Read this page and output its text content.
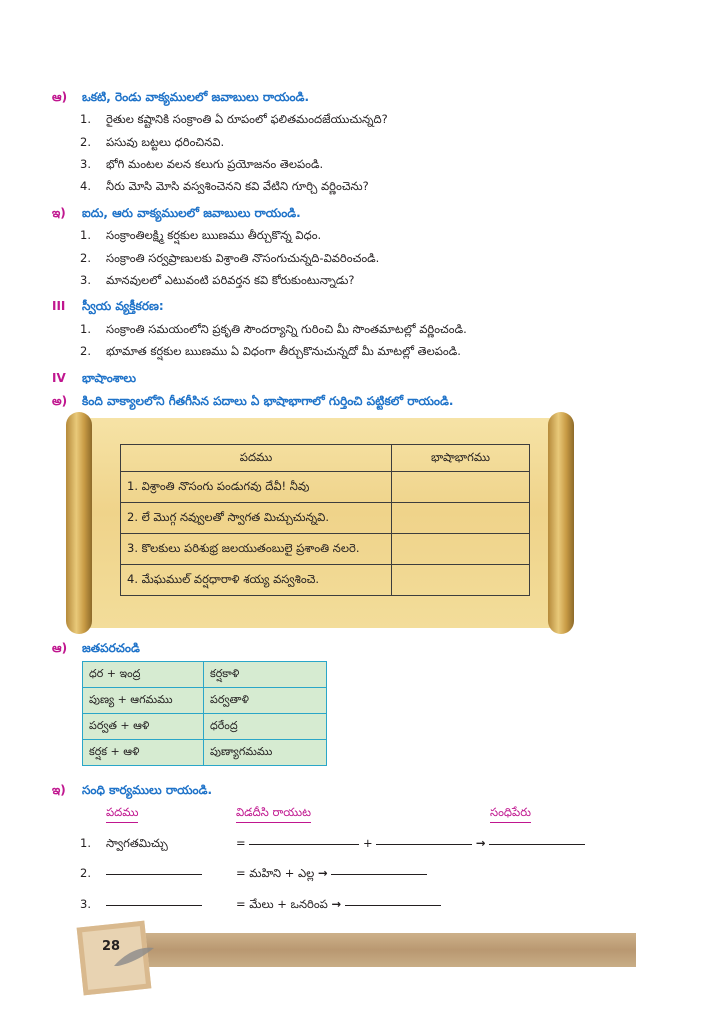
ఆ) ఒకటి, రెండు వాక్యములలో జవాబులు రాయండి.
1. రైతుల కష్టానికి సంక్రాంతి ఏ రూపంలో ఫలితమందజేయుచున్నది?
2. పసువు బట్టలు ధరించినవి.
3. భోగి మంటల వలన కలుగు ప్రయోజనం తెలపండి.
4. నీరు మోసి మోసి వస్వశించెనని కవి వేటిని గూర్చి వర్ణించెను?
ఇ) ఐదు, ఆరు వాక్యములలో జవాబులు రాయండి.
1. సంక్రాంతిలక్ష్మి కర్షకుల ఋణము తీర్చుకొన్న విధం.
2. సంక్రాంతి సర్వప్రాణులకు విశ్రాంతి నొసంగుచున్నది-వివరించండి.
3. మానవులలో ఎటువంటి పరివర్తన కవి కోరుకుంటున్నాడు?
III స్వీయ వ్యక్తీకరణ:
1. సంక్రాంతి సమయంలోని ప్రకృతి సౌందర్యాన్ని గురించి మీ సొంతమాటల్లో వర్ణించండి.
2. భూమాత కర్షకుల ఋణము ఏ విధంగా తీర్చుకొనుచున్నదో మీ మాటల్లో తెలపండి.
IV భాషాంశాలు
అ) కింది వాక్యాలలోని గీతగీసిన పదాలు ఏ భాషాభాగాలో గుర్తించి పట్టికలో రాయండి.
పదము	భాషాభాగము
1. విశ్రాంతి నొసంగు పండుగవు దేవీ! నీవు	
2. లే మొగ్గ నవ్వులతో స్వాగత మిచ్చుచున్నవి.	
3. కొలకులు పరిశుభ్ర జలయుతంబులై ప్రశాంతి నలరె.	
4. మేఘముల్ వర్షధారాళి శయ్య వస్వశించె.	
ఆ) జతపరచండి
ధర + ఇంద్ర	కర్షకాళి
పుణ్య + ఆగమము	పర్వతాళి
పర్వత + ఆళి	ధరేంద్ర
కర్షక + ఆళి	పుణ్యాగమము
ఇ) సంధి కార్యములు రాయండి.
పదము	విడదీసి రాయుట	సంధిపేరు
1. స్వాగతమిచ్చు	=	+	→
2.	= మహిని + ఎల్ల →
3.	= మేలు + ఒనరింప →
28
